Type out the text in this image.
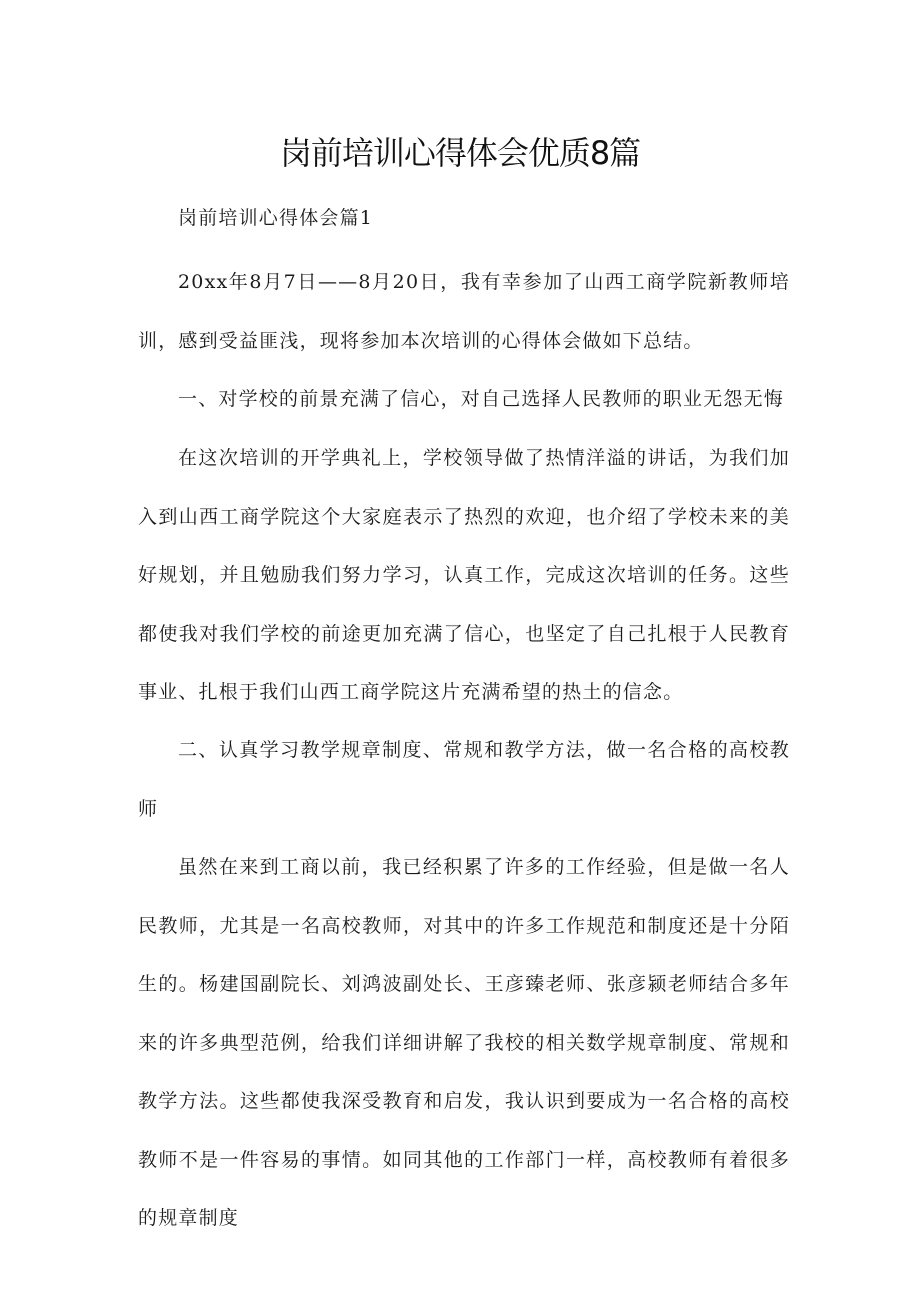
岗前培训心得体会优质8篇

岗前培训心得体会篇1

20xx年8月7日——8月20日，我有幸参加了山西工商学院新教师培训，感到受益匪浅，现将参加本次培训的心得体会做如下总结。

一、对学校的前景充满了信心，对自己选择人民教师的职业无怨无悔

在这次培训的开学典礼上，学校领导做了热情洋溢的讲话，为我们加入到山西工商学院这个大家庭表示了热烈的欢迎，也介绍了学校未来的美好规划，并且勉励我们努力学习，认真工作，完成这次培训的任务。这些都使我对我们学校的前途更加充满了信心，也坚定了自己扎根于人民教育事业、扎根于我们山西工商学院这片充满希望的热土的信念。

二、认真学习教学规章制度、常规和教学方法，做一名合格的高校教师

虽然在来到工商以前，我已经积累了许多的工作经验，但是做一名人民教师，尤其是一名高校教师，对其中的许多工作规范和制度还是十分陌生的。杨建国副院长、刘鸿波副处长、王彦臻老师、张彦颍老师结合多年来的许多典型范例，给我们详细讲解了我校的相关数学规章制度、常规和教学方法。这些都使我深受教育和启发，我认识到要成为一名合格的高校教师不是一件容易的事情。如同其他的工作部门一样，高校教师有着很多的规章制度
